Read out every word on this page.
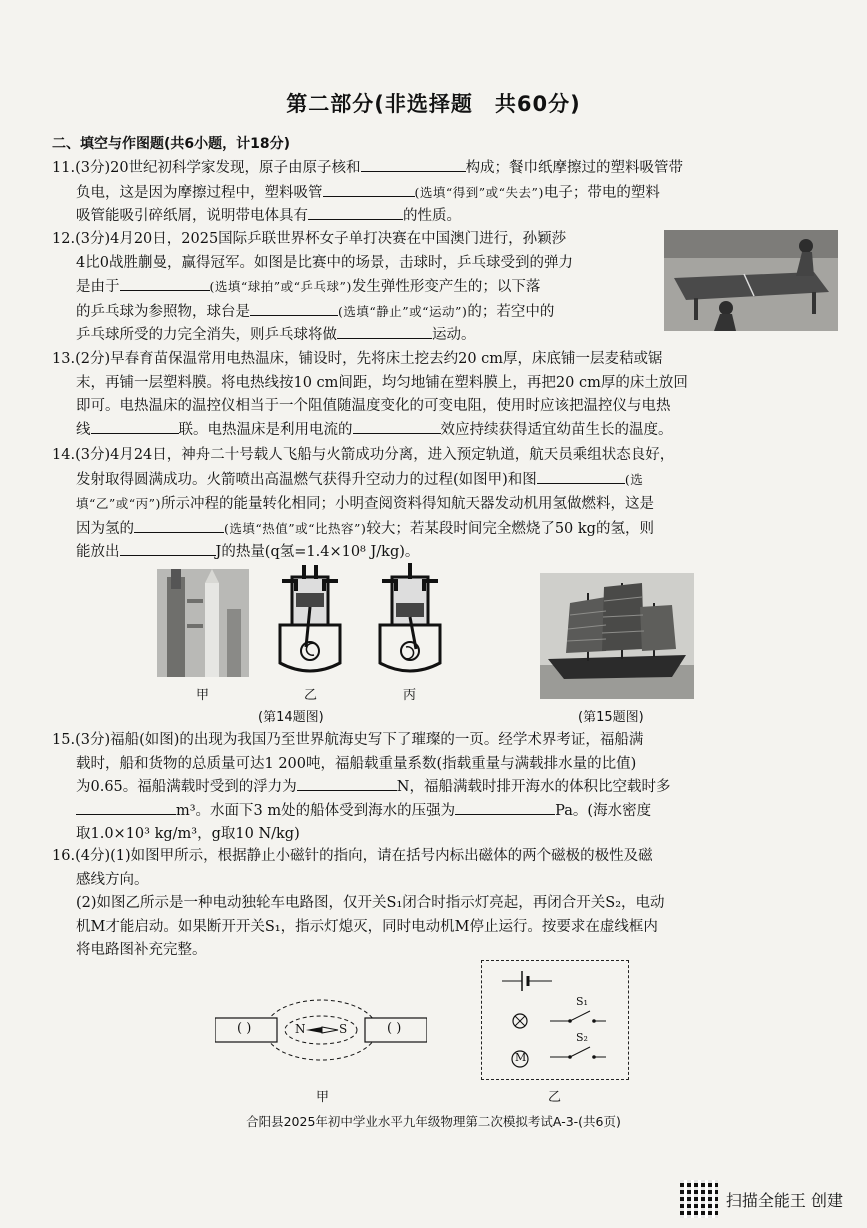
第二部分(非选择题　共60分)
二、填空与作图题(共6小题，计18分)
11.(3分)20世纪初科学家发现，原子由原子核和	构成；餐巾纸摩擦过的塑料吸管带
负电，这是因为摩擦过程中，塑料吸管	(选填“得到”或“失去”)电子；带电的塑料
吸管能吸引碎纸屑，说明带电体具有	的性质。
12.(3分)4月20日，2025国际乒联世界杯女子单打决赛在中国澳门进行，孙颖莎
4比0战胜蒯曼，赢得冠军。如图是比赛中的场景，击球时，乒乓球受到的弹力
是由于	(选填“球拍”或“乒乓球”)发生弹性形变产生的；以下落
的乒乓球为参照物，球台是	(选填“静止”或“运动”)的；若空中的
乒乓球所受的力完全消失，则乒乓球将做	运动。
13.(2分)早春育苗保温常用电热温床，铺设时，先将床土挖去约20 cm厚，床底铺一层麦秸或锯
末，再铺一层塑料膜。将电热线按10 cm间距，均匀地铺在塑料膜上，再把20 cm厚的床土放回
即可。电热温床的温控仪相当于一个阻值随温度变化的可变电阻，使用时应该把温控仪与电热
线	联。电热温床是利用电流的	效应持续获得适宜幼苗生长的温度。
14.(3分)4月24日，神舟二十号载人飞船与火箭成功分离，进入预定轨道，航天员乘组状态良好，
发射取得圆满成功。火箭喷出高温燃气获得升空动力的过程(如图甲)和图	(选
填“乙”或“丙”)所示冲程的能量转化相同；小明查阅资料得知航天器发动机用氢做燃料，这是
因为氢的	(选填“热值”或“比热容”)较大；若某段时间完全燃烧了50 kg的氢，则
能放出	J的热量(q氢=1.4×10⁸ J/kg)。
甲	乙	丙
(第14题图)	(第15题图)
15.(3分)福船(如图)的出现为我国乃至世界航海史写下了璀璨的一页。经学术界考证，福船满
载时，船和货物的总质量可达1 200吨，福船载重量系数(指载重量与满载排水量的比值)
为0.65。福船满载时受到的浮力为	N，福船满载时排开海水的体积比空载时多
m³。水面下3 m处的船体受到海水的压强为	Pa。(海水密度
取1.0×10³ kg/m³，g取10 N/kg)
16.(4分)(1)如图甲所示，根据静止小磁针的指向，请在括号内标出磁体的两个磁极的极性及磁
感线方向。
(2)如图乙所示是一种电动独轮车电路图，仅开关S₁闭合时指示灯亮起，再闭合开关S₂，电动
机M才能启动。如果断开开关S₁，指示灯熄灭，同时电动机M停止运行。按要求在虚线框内
将电路图补充完整。
( )	( )
N	S
甲
S₁
S₂
M
乙
合阳县2025年初中学业水平九年级物理第二次模拟考试A-3-(共6页)
扫描全能王 创建
